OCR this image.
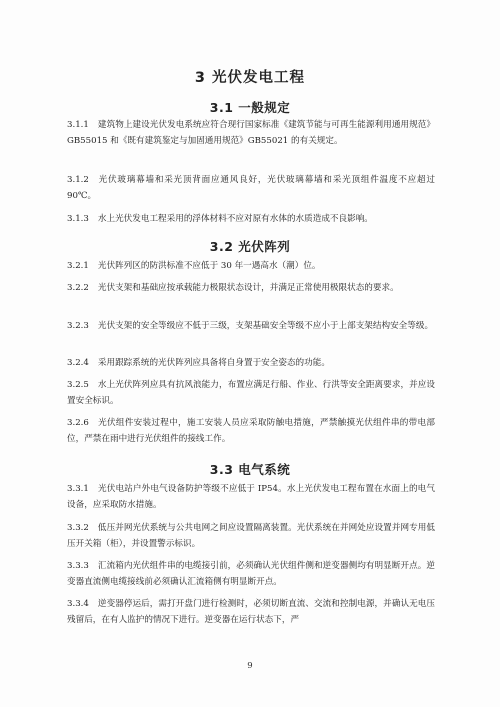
3 光伏发电工程
3.1 一般规定
3.1.1 建筑物上建设光伏发电系统应符合现行国家标准《建筑节能与可再生能源利用通用规范》GB55015 和《既有建筑鉴定与加固通用规范》GB55021 的有关规定。
3.1.2 光伏玻璃幕墙和采光顶背面应通风良好，光伏玻璃幕墙和采光顶组件温度不应超过 90℃。
3.1.3 水上光伏发电工程采用的浮体材料不应对原有水体的水质造成不良影响。
3.2 光伏阵列
3.2.1 光伏阵列区的防洪标准不应低于 30 年一遇高水（潮）位。
3.2.2 光伏支架和基础应按承载能力极限状态设计，并满足正常使用极限状态的要求。
3.2.3 光伏支架的安全等级应不低于三级，支架基础安全等级不应小于上部支架结构安全等级。
3.2.4 采用跟踪系统的光伏阵列应具备将自身置于安全姿态的功能。
3.2.5 水上光伏阵列应具有抗风浪能力，布置应满足行船、作业、行洪等安全距离要求，并应设置安全标识。
3.2.6 光伏组件安装过程中，施工安装人员应采取防触电措施，严禁触摸光伏组件串的带电部位，严禁在雨中进行光伏组件的接线工作。
3.3 电气系统
3.3.1 光伏电站户外电气设备防护等级不应低于 IP54。水上光伏发电工程布置在水面上的电气设备，应采取防水措施。
3.3.2 低压并网光伏系统与公共电网之间应设置隔离装置。光伏系统在并网处应设置并网专用低压开关箱（柜），并设置警示标识。
3.3.3 汇流箱内光伏组件串的电缆接引前，必须确认光伏组件侧和逆变器侧均有明显断开点。逆变器直流侧电缆接线前必须确认汇流箱侧有明显断开点。
3.3.4 逆变器停运后，需打开盘门进行检测时，必须切断直流、交流和控制电源，并确认无电压残留后，在有人监护的情况下进行。逆变器在运行状态下，严
9
